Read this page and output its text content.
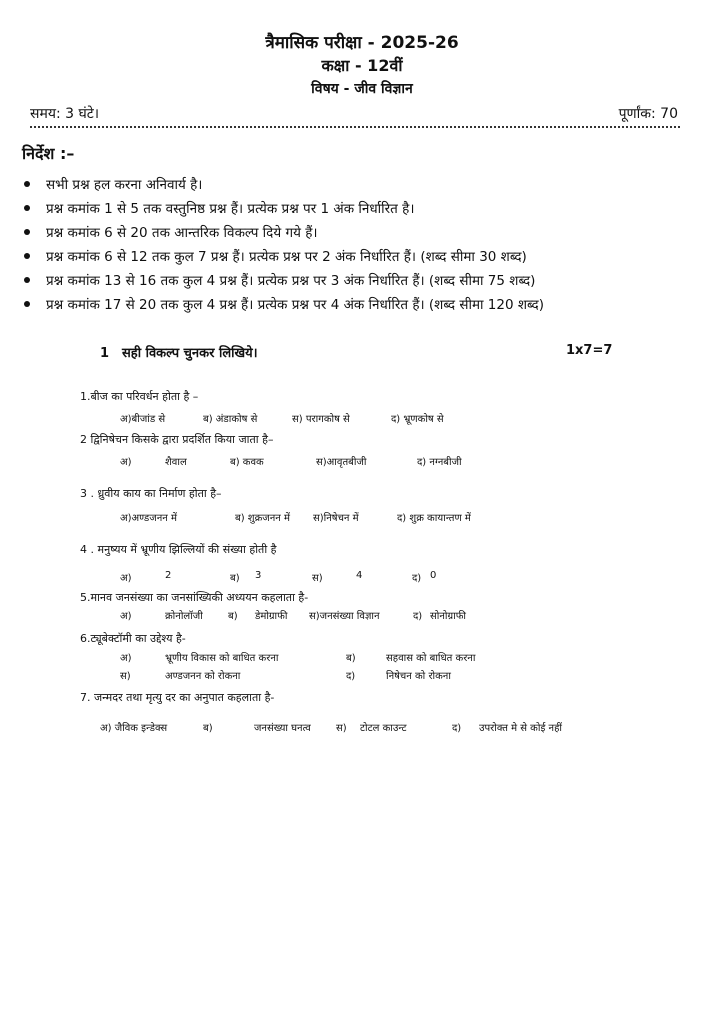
त्रैमासिक परीक्षा - 2025-26
कक्षा - 12वीं
विषय - जीव विज्ञान
समय: 3 घंटे।	पूर्णांक: 70
निर्देश :–
सभी प्रश्न हल करना अनिवार्य है।
प्रश्न कमांक 1 से 5 तक वस्तुनिष्ठ प्रश्न हैं। प्रत्येक प्रश्न पर 1 अंक निर्धारित है।
प्रश्न कमांक 6 से 20 तक आन्तरिक विकल्प दिये गये हैं।
प्रश्न कमांक 6 से 12 तक कुल 7 प्रश्न हैं। प्रत्येक प्रश्न पर 2 अंक निर्धारित हैं। (शब्द सीमा 30 शब्द)
प्रश्न कमांक 13 से 16 तक कुल 4 प्रश्न हैं। प्रत्येक प्रश्न पर 3 अंक निर्धारित हैं। (शब्द सीमा 75 शब्द)
प्रश्न कमांक 17 से 20 तक कुल 4 प्रश्न हैं। प्रत्येक प्रश्न पर 4 अंक निर्धारित हैं। (शब्द सीमा 120 शब्द)
1 सही विकल्प चुनकर लिखिये।	1x7=7
1.बीज का परिवर्धन होता है –
अ)बीजांड से	ब) अंडाकोष से	स) परागकोष से	द) भ्रूणकोष से
2 द्विनिषेचन किसके द्वारा प्रदर्शित किया जाता है–
अ)	शैवाल	ब) कवक	स)आवृतबीजी	द) नग्नबीजी
3 . ध्रुवीय काय का निर्माण होता है–
अ)अण्डजनन में	ब) शुक्रजनन में स)निषेचन में	द) शुक्र कायान्तण में
4 . मनुष्यय में भ्रूणीय झिल्लियों की संख्या होती है
अ)	2	ब) 3	स)	4	द) 0
5.मानव जनसंख्या का जनसांख्यिकी अध्ययन कहलाता है-
अ)	क्रोनोलॉजी	ब) डेमोग्राफी स)जनसंख्या विज्ञान	द) सोनोग्राफी
6.ट्यूबेक्टॉमी का उद्देश्य है-
अ)	भ्रूणीय विकास को बाधित करना	ब)	सहवास को बाधित करना
स)	अण्डजनन को रोकना	द)	निषेचन को रोकना
7. जन्मदर तथा मृत्यु दर का अनुपात कहलाता है-
अ) जैविक इन्डेक्स	ब)	जनसंख्या घनत्व	स) टोटल काउन्ट	द) उपरोक्त मे से कोई नहीं
